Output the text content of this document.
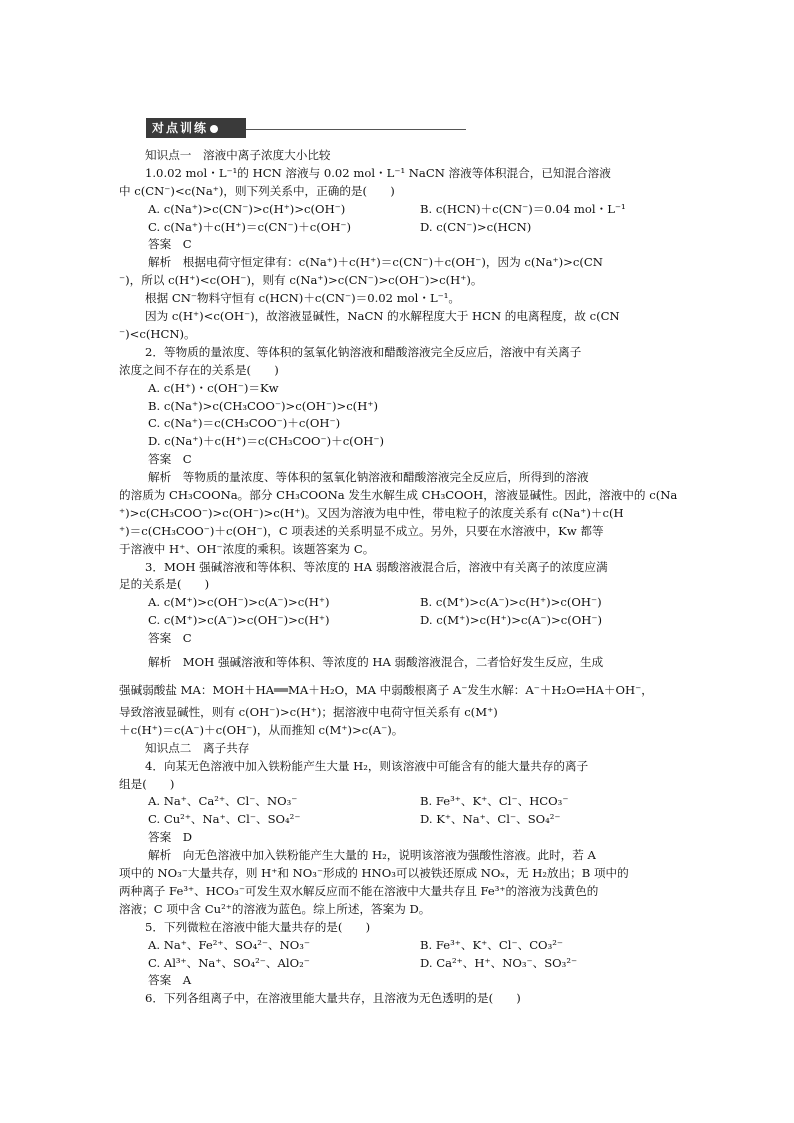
对点训练
知识点一　溶液中离子浓度大小比较
1.0.02 mol・L⁻¹的 HCN 溶液与 0.02 mol・L⁻¹ NaCN 溶液等体积混合，已知混合溶液
中 c(CN⁻)<c(Na⁺)，则下列关系中，正确的是(　　)
A. c(Na⁺)>c(CN⁻)>c(H⁺)>c(OH⁻)	B. c(HCN)＋c(CN⁻)＝0.04 mol・L⁻¹
C. c(Na⁺)＋c(H⁺)＝c(CN⁻)＋c(OH⁻)	D. c(CN⁻)>c(HCN)
答案　C
解析　根据电荷守恒定律有：c(Na⁺)＋c(H⁺)＝c(CN⁻)＋c(OH⁻)，因为 c(Na⁺)>c(CN
⁻)，所以 c(H⁺)<c(OH⁻)，则有 c(Na⁺)>c(CN⁻)>c(OH⁻)>c(H⁺)。
根据 CN⁻物料守恒有 c(HCN)＋c(CN⁻)＝0.02 mol・L⁻¹。
因为 c(H⁺)<c(OH⁻)，故溶液显碱性，NaCN 的水解程度大于 HCN 的电离程度，故 c(CN
⁻)<c(HCN)。
2．等物质的量浓度、等体积的氢氧化钠溶液和醋酸溶液完全反应后，溶液中有关离子
浓度之间不存在的关系是(　　)
A. c(H⁺)・c(OH⁻)＝Kw
B. c(Na⁺)>c(CH₃COO⁻)>c(OH⁻)>c(H⁺)
C. c(Na⁺)＝c(CH₃COO⁻)＋c(OH⁻)
D. c(Na⁺)＋c(H⁺)＝c(CH₃COO⁻)＋c(OH⁻)
答案　C
解析　等物质的量浓度、等体积的氢氧化钠溶液和醋酸溶液完全反应后，所得到的溶液
的溶质为 CH₃COONa。部分 CH₃COONa 发生水解生成 CH₃COOH，溶液显碱性。因此，溶液中的 c(Na
⁺)>c(CH₃COO⁻)>c(OH⁻)>c(H⁺)。又因为溶液为电中性，带电粒子的浓度关系有 c(Na⁺)＋c(H
⁺)＝c(CH₃COO⁻)＋c(OH⁻)，C 项表述的关系明显不成立。另外，只要在水溶液中，Kw 都等
于溶液中 H⁺、OH⁻浓度的乘积。该题答案为 C。
3．MOH 强碱溶液和等体积、等浓度的 HA 弱酸溶液混合后，溶液中有关离子的浓度应满
足的关系是(　　)
A. c(M⁺)>c(OH⁻)>c(A⁻)>c(H⁺)	B. c(M⁺)>c(A⁻)>c(H⁺)>c(OH⁻)
C. c(M⁺)>c(A⁻)>c(OH⁻)>c(H⁺)	D. c(M⁺)>c(H⁺)>c(A⁻)>c(OH⁻)
答案　C
解析　MOH 强碱溶液和等体积、等浓度的 HA 弱酸溶液混合，二者恰好发生反应，生成
强碱弱酸盐 MA：MOH＋HA══MA＋H₂O，MA 中弱酸根离子 A⁻发生水解：A⁻＋H₂O⇌HA＋OH⁻，
导致溶液显碱性，则有 c(OH⁻)>c(H⁺)；据溶液中电荷守恒关系有 c(M⁺)
＋c(H⁺)＝c(A⁻)＋c(OH⁻)，从而推知 c(M⁺)>c(A⁻)。
知识点二　离子共存
4．向某无色溶液中加入铁粉能产生大量 H₂，则该溶液中可能含有的能大量共存的离子
组是(　　)
A. Na⁺、Ca²⁺、Cl⁻、NO₃⁻	B. Fe³⁺、K⁺、Cl⁻、HCO₃⁻
C. Cu²⁺、Na⁺、Cl⁻、SO₄²⁻	D. K⁺、Na⁺、Cl⁻、SO₄²⁻
答案　D
解析　向无色溶液中加入铁粉能产生大量的 H₂，说明该溶液为强酸性溶液。此时，若 A
项中的 NO₃⁻大量共存，则 H⁺和 NO₃⁻形成的 HNO₃可以被铁还原成 NOₓ，无 H₂放出；B 项中的
两种离子 Fe³⁺、HCO₃⁻可发生双水解反应而不能在溶液中大量共存且 Fe³⁺的溶液为浅黄色的
溶液；C 项中含 Cu²⁺的溶液为蓝色。综上所述，答案为 D。
5．下列微粒在溶液中能大量共存的是(　　)
A. Na⁺、Fe²⁺、SO₄²⁻、NO₃⁻	B. Fe³⁺、K⁺、Cl⁻、CO₃²⁻
C. Al³⁺、Na⁺、SO₄²⁻、AlO₂⁻	D. Ca²⁺、H⁺、NO₃⁻、SO₃²⁻
答案　A
6．下列各组离子中，在溶液里能大量共存，且溶液为无色透明的是(　　)
